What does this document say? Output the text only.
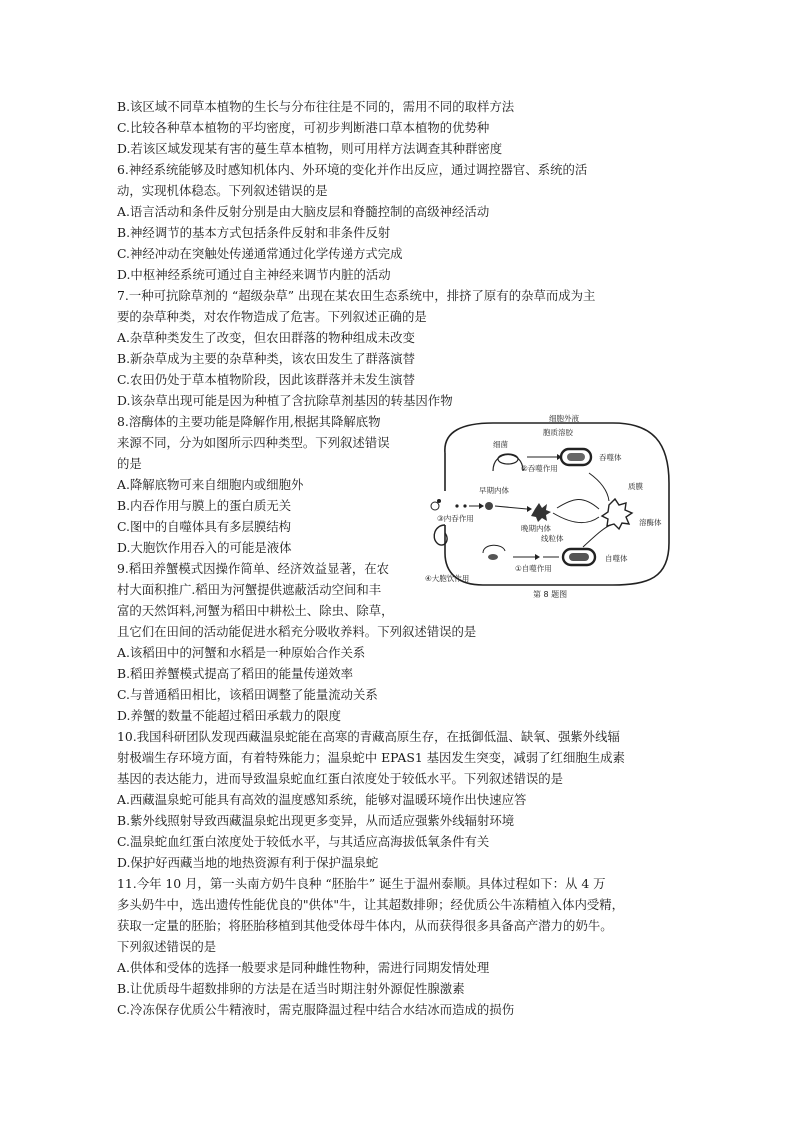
B.该区域不同草本植物的生长与分布往往是不同的，需用不同的取样方法
C.比较各种草本植物的平均密度，可初步判断港口草本植物的优势种
D.若该区域发现某有害的蔓生草本植物，则可用样方法调查其种群密度
6.神经系统能够及时感知机体内、外环境的变化并作出反应，通过调控器官、系统的活
动，实现机体稳态。下列叙述错误的是
A.语言活动和条件反射分别是由大脑皮层和脊髓控制的高级神经活动
B.神经调节的基本方式包括条件反射和非条件反射
C.神经冲动在突触处传递通常通过化学传递方式完成
D.中枢神经系统可通过自主神经来调节内脏的活动
7.一种可抗除草剂的 “超级杂草” 出现在某农田生态系统中，排挤了原有的杂草而成为主
要的杂草种类，对农作物造成了危害。下列叙述正确的是
A.杂草种类发生了改变，但农田群落的物种组成未改变
B.新杂草成为主要的杂草种类，该农田发生了群落演替
C.农田仍处于草本植物阶段，因此该群落并未发生演替
D.该杂草出现可能是因为种植了含抗除草剂基因的转基因作物
8.溶酶体的主要功能是降解作用,根据其降解底物
来源不同，分为如图所示四种类型。下列叙述错误
的是
A.降解底物可来自细胞内或细胞外
B.内吞作用与膜上的蛋白质无关
C.图中的自噬体具有多层膜结构
D.大胞饮作用吞入的可能是液体
9.稻田养蟹模式因操作简单、经济效益显著，在农
村大面积推广.稻田为河蟹提供遮蔽活动空间和丰
富的天然饵料,河蟹为稻田中耕松土、除虫、除草，
且它们在田间的活动能促进水稻充分吸收养料。下列叙述错误的是
A.该稻田中的河蟹和水稻是一种原始合作关系
B.稻田养蟹模式提高了稻田的能量传递效率
C.与普通稻田相比，该稻田调整了能量流动关系
D.养蟹的数量不能超过稻田承载力的限度
10.我国科研团队发现西藏温泉蛇能在高寒的青藏高原生存，在抵御低温、缺氧、强紫外线辐
射极端生存环境方面，有着特殊能力；温泉蛇中 EPAS1 基因发生突变，减弱了红细胞生成素
基因的表达能力，进而导致温泉蛇血红蛋白浓度处于较低水平。下列叙述错误的是
A.西藏温泉蛇可能具有高效的温度感知系统，能够对温暖环境作出快速应答
B.紫外线照射导致西藏温泉蛇出现更多变异，从而适应强紫外线辐射环境
C.温泉蛇血红蛋白浓度处于较低水平，与其适应高海拔低氧条件有关
D.保护好西藏当地的地热资源有利于保护温泉蛇
11.今年 10 月，第一头南方奶牛良种 “胚胎牛” 诞生于温州泰顺。具体过程如下：从 4 万
多头奶牛中，选出遗传性能优良的"供体"牛，让其超数排卵；经优质公牛冻精植入体内受精，
获取一定量的胚胎；将胚胎移植到其他受体母牛体内，从而获得很多具备高产潜力的奶牛。
下列叙述错误的是
A.供体和受体的选择一般要求是同种雌性物种，需进行同期发情处理
B.让优质母牛超数排卵的方法是在适当时期注射外源促性腺激素
C.冷冻保存优质公牛精液时，需克服降温过程中结合水结冰而造成的损伤
细胞外液
胞质溶胶
细菌
②吞噬作用
吞噬体
早期内体
③内吞作用
晚期内体
质膜
溶酶体
线粒体
①自噬作用
自噬体
④大胞饮作用
第 8 题图
